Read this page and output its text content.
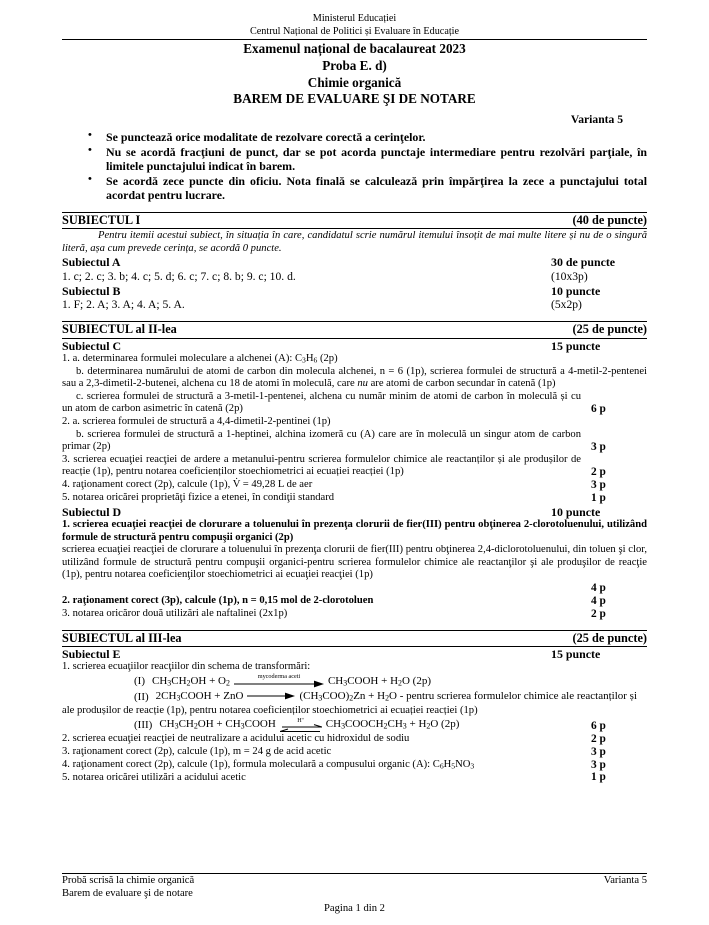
Ministerul Educației
Centrul Național de Politici și Evaluare în Educație
Examenul național de bacalaureat 2023
Proba E. d)
Chimie organică
BAREM DE EVALUARE ŞI DE NOTARE
Varianta 5
• Se punctează orice modalitate de rezolvare corectă a cerinţelor.
• Nu se acordă fracţiuni de punct, dar se pot acorda punctaje intermediare pentru rezolvări parţiale, în limitele punctajului indicat în barem.
• Se acordă zece puncte din oficiu. Nota finală se calculează prin împărţirea la zece a punctajului total acordat pentru lucrare.
SUBIECTUL I	(40 de puncte)
Pentru itemii acestui subiect, în situația în care, candidatul scrie numărul itemului însoțit de mai multe litere și nu de o singură literă, așa cum prevede cerința, se acordă 0 puncte.
Subiectul A	30 de puncte
1. c; 2. c; 3. b; 4. c; 5. d; 6. c; 7. c; 8. b; 9. c; 10. d.	(10x3p)
Subiectul B	10 puncte
1. F; 2. A; 3. A; 4. A; 5. A.	(5x2p)
SUBIECTUL al II-lea	(25 de puncte)
Subiectul C	15 puncte
1. a. determinarea formulei moleculare a alchenei (A): $C_3H_6$ (2p)
b. determinarea numărului de atomi de carbon din molecula alchenei, n = 6 (1p), scrierea formulei de structură a 4-metil-2-pentenei sau a 2,3-dimetil-2-butenei, alchena cu 18 de atomi în moleculă, care nu are atomi de carbon secundar în catenă (1p)
c. scrierea formulei de structură a 3-metil-1-pentenei, alchena cu număr minim de atomi de carbon în moleculă și cu un atom de carbon asimetric în catenă (2p)	6 p
2. a. scrierea formulei de structură a 4,4-dimetil-2-pentinei (1p)
b. scrierea formulei de structură a 1-heptinei, alchina izomeră cu (A) care are în moleculă un singur atom de carbon primar (2p)	3 p
3. scrierea ecuaţiei reacţiei de ardere a metanului-pentru scrierea formulelor chimice ale reactanților și ale produșilor de reacție (1p), pentru notarea coeficienților stoechiometrici ai ecuației reacției (1p)	2 p
4. raţionament corect (2p), calcule (1p), V̇ = 49,28 L de aer	3 p
5. notarea oricărei proprietăţi fizice a etenei, în condiţii standard	1 p
Subiectul D	10 puncte
1. scrierea ecuaţiei reacţiei de clorurare a toluenului în prezenţa clorurii de fier(III) pentru obţinerea 2-clorotoluenului, utilizând formule de structură pentru compuşii organici (2p)
scrierea ecuaţiei reacţiei de clorurare a toluenului în prezenţa clorurii de fier(III) pentru obţinerea 2,4-diclorotoluenului, din toluen şi clor, utilizând formule de structură pentru compuşii organici-pentru scrierea formulelor chimice ale reactanţilor şi ale produşilor de reacţie (1p), pentru notarea coeficienţilor stoechiometrici ai ecuaţiei reacţiei (1p)
4 p
2. raţionament corect (3p), calcule (1p), n = 0,15 mol de 2-clorotoluen	4 p
3. notarea oricăror două utilizări ale naftalinei (2x1p)	2 p
SUBIECTUL al III-lea	(25 de puncte)
Subiectul E	15 puncte
1. scrierea ecuaţiilor reacţiilor din schema de transformări:
(I) $CH_3CH_2OH + O_2$
mycoderma aceti	$CH_3COOH + H_2O$ (2p)
(II) $2CH_3COOH$ + ZnO	$(CH_3COO)_2Zn + H_2O$ - pentru scrierea formulelor chimice ale reactanților și
ale produșilor de reacție (1p), pentru notarea coeficienților stoechiometrici ai ecuației reacției (1p)
(III) $CH_3CH_2OH$ + $CH_3COOH$	H+
$CH_3COOCH_2CH_3 + H_2O$ (2p)	6 p
2. scrierea ecuaţiei reacţiei de neutralizare a acidului acetic cu hidroxidul de sodiu	2 p
3. raţionament corect (2p), calcule (1p), m = 24 g de acid acetic	3 p
4. raţionament corect (2p), calcule (1p), formula moleculară a compusului organic (A): $C_6H_5NO_3$	3 p
5. notarea oricărei utilizări a acidului acetic	1 p
Probă scrisă la chimie organică
Barem de evaluare şi de notare
Varianta 5
Pagina 1 din 2
